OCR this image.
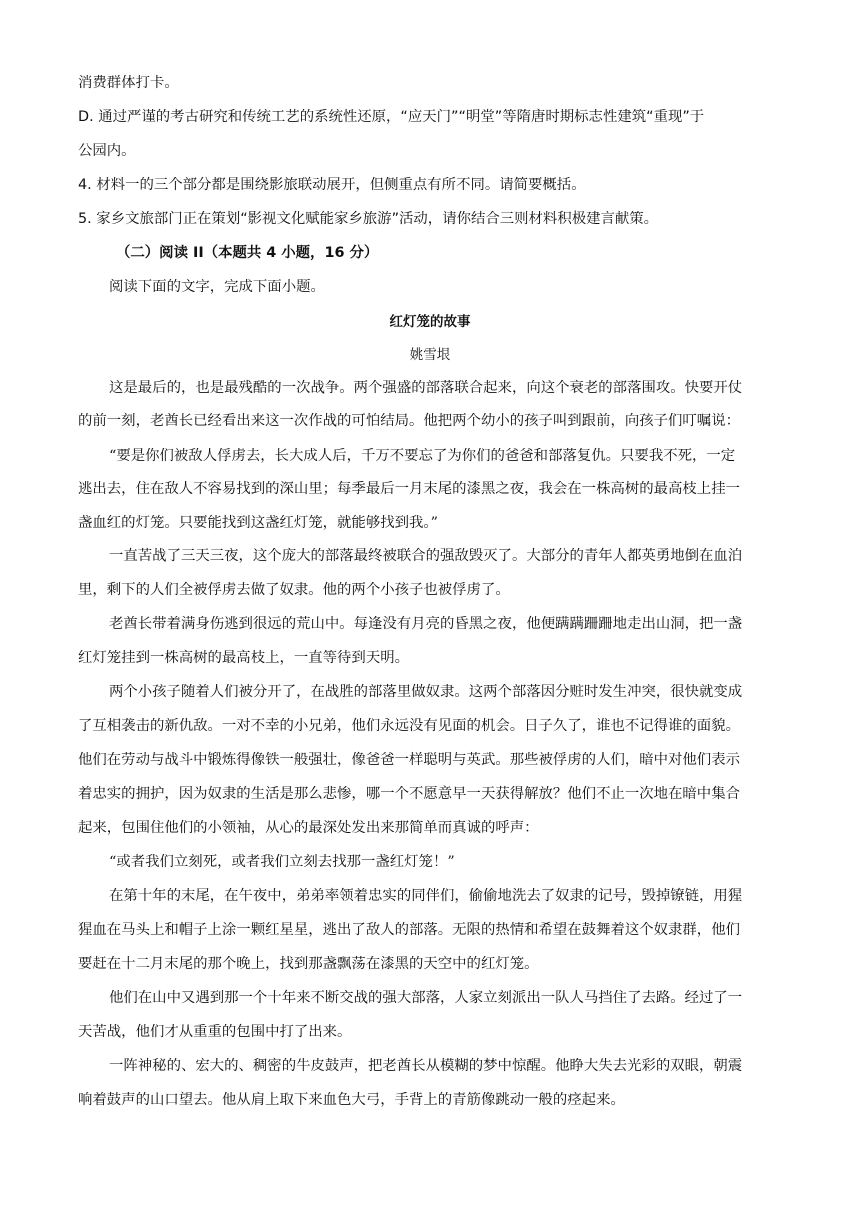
消费群体打卡。
D. 通过严谨的考古研究和传统工艺的系统性还原，“应天门”“明堂”等隋唐时期标志性建筑“重现”于
公园内。
4. 材料一的三个部分都是围绕影旅联动展开，但侧重点有所不同。请简要概括。
5. 家乡文旅部门正在策划“影视文化赋能家乡旅游”活动，请你结合三则材料积极建言献策。
（二）阅读 II（本题共 4 小题，16 分）
阅读下面的文字，完成下面小题。
红灯笼的故事
姚雪垠
这是最后的，也是最残酷的一次战争。两个强盛的部落联合起来，向这个衰老的部落围攻。快要开仗
的前一刻，老酋长已经看出来这一次作战的可怕结局。他把两个幼小的孩子叫到跟前，向孩子们叮嘱说：
“要是你们被敌人俘虏去，长大成人后，千万不要忘了为你们的爸爸和部落复仇。只要我不死，一定
逃出去，住在敌人不容易找到的深山里；每季最后一月末尾的漆黑之夜，我会在一株高树的最高枝上挂一
盏血红的灯笼。只要能找到这盏红灯笼，就能够找到我。”
一直苦战了三天三夜，这个庞大的部落最终被联合的强敌毁灭了。大部分的青年人都英勇地倒在血泊
里，剩下的人们全被俘虏去做了奴隶。他的两个小孩子也被俘虏了。
老酋长带着满身伤逃到很远的荒山中。每逢没有月亮的昏黑之夜，他便蹒蹒跚跚地走出山洞，把一盏
红灯笼挂到一株高树的最高枝上，一直等待到天明。
两个小孩子随着人们被分开了，在战胜的部落里做奴隶。这两个部落因分赃时发生冲突，很快就变成
了互相袭击的新仇敌。一对不幸的小兄弟，他们永远没有见面的机会。日子久了，谁也不记得谁的面貌。
他们在劳动与战斗中锻炼得像铁一般强壮，像爸爸一样聪明与英武。那些被俘虏的人们，暗中对他们表示
着忠实的拥护，因为奴隶的生活是那么悲惨，哪一个不愿意早一天获得解放？他们不止一次地在暗中集合
起来，包围住他们的小领袖，从心的最深处发出来那简单而真诚的呼声：
“或者我们立刻死，或者我们立刻去找那一盏红灯笼！”
在第十年的末尾，在午夜中，弟弟率领着忠实的同伴们，偷偷地洗去了奴隶的记号，毁掉镣链，用猩
猩血在马头上和帽子上涂一颗红星星，逃出了敌人的部落。无限的热情和希望在鼓舞着这个奴隶群，他们
要赶在十二月末尾的那个晚上，找到那盏飘荡在漆黑的天空中的红灯笼。
他们在山中又遇到那一个十年来不断交战的强大部落，人家立刻派出一队人马挡住了去路。经过了一
天苦战，他们才从重重的包围中打了出来。
一阵神秘的、宏大的、稠密的牛皮鼓声，把老酋长从模糊的梦中惊醒。他睁大失去光彩的双眼，朝震
响着鼓声的山口望去。他从肩上取下来血色大弓，手背上的青筋像跳动一般的痉起来。
